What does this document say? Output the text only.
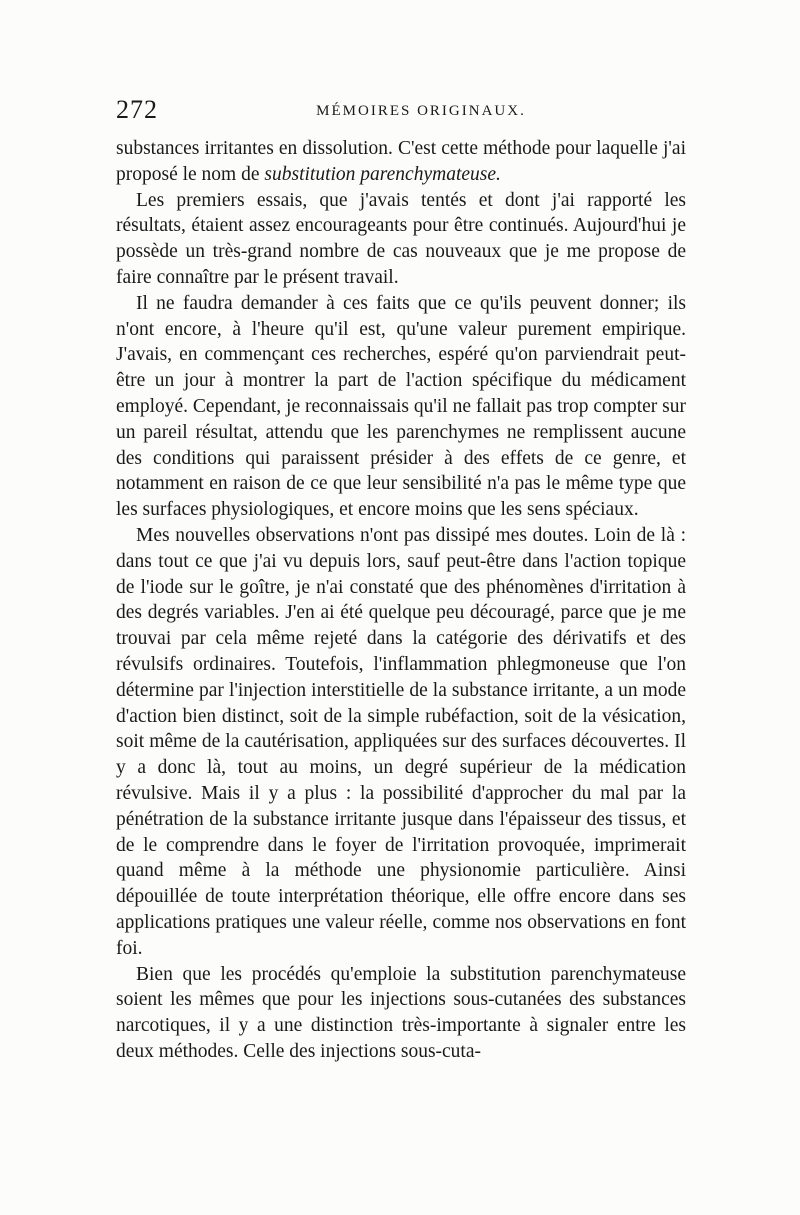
272	MÉMOIRES ORIGINAUX.

substances irritantes en dissolution. C'est cette méthode pour laquelle j'ai proposé le nom de substitution parenchymateuse.

Les premiers essais, que j'avais tentés et dont j'ai rapporté les résultats, étaient assez encourageants pour être continués. Aujourd'hui je possède un très-grand nombre de cas nouveaux que je me propose de faire connaître par le présent travail.

Il ne faudra demander à ces faits que ce qu'ils peuvent donner; ils n'ont encore, à l'heure qu'il est, qu'une valeur purement empirique. J'avais, en commençant ces recherches, espéré qu'on parviendrait peut-être un jour à montrer la part de l'action spécifique du médicament employé. Cependant, je reconnaissais qu'il ne fallait pas trop compter sur un pareil résultat, attendu que les parenchymes ne remplissent aucune des conditions qui paraissent présider à des effets de ce genre, et notamment en raison de ce que leur sensibilité n'a pas le même type que les surfaces physiologiques, et encore moins que les sens spéciaux.

Mes nouvelles observations n'ont pas dissipé mes doutes. Loin de là : dans tout ce que j'ai vu depuis lors, sauf peut-être dans l'action topique de l'iode sur le goître, je n'ai constaté que des phénomènes d'irritation à des degrés variables. J'en ai été quelque peu découragé, parce que je me trouvai par cela même rejeté dans la catégorie des dérivatifs et des révulsifs ordinaires. Toutefois, l'inflammation phlegmoneuse que l'on détermine par l'injection interstitielle de la substance irritante, a un mode d'action bien distinct, soit de la simple rubéfaction, soit de la vésication, soit même de la cautérisation, appliquées sur des surfaces découvertes. Il y a donc là, tout au moins, un degré supérieur de la médication révulsive. Mais il y a plus : la possibilité d'approcher du mal par la pénétration de la substance irritante jusque dans l'épaisseur des tissus, et de le comprendre dans le foyer de l'irritation provoquée, imprimerait quand même à la méthode une physionomie particulière. Ainsi dépouillée de toute interprétation théorique, elle offre encore dans ses applications pratiques une valeur réelle, comme nos observations en font foi.

Bien que les procédés qu'emploie la substitution parenchymateuse soient les mêmes que pour les injections sous-cutanées des substances narcotiques, il y a une distinction très-importante à signaler entre les deux méthodes. Celle des injections sous-cuta-
